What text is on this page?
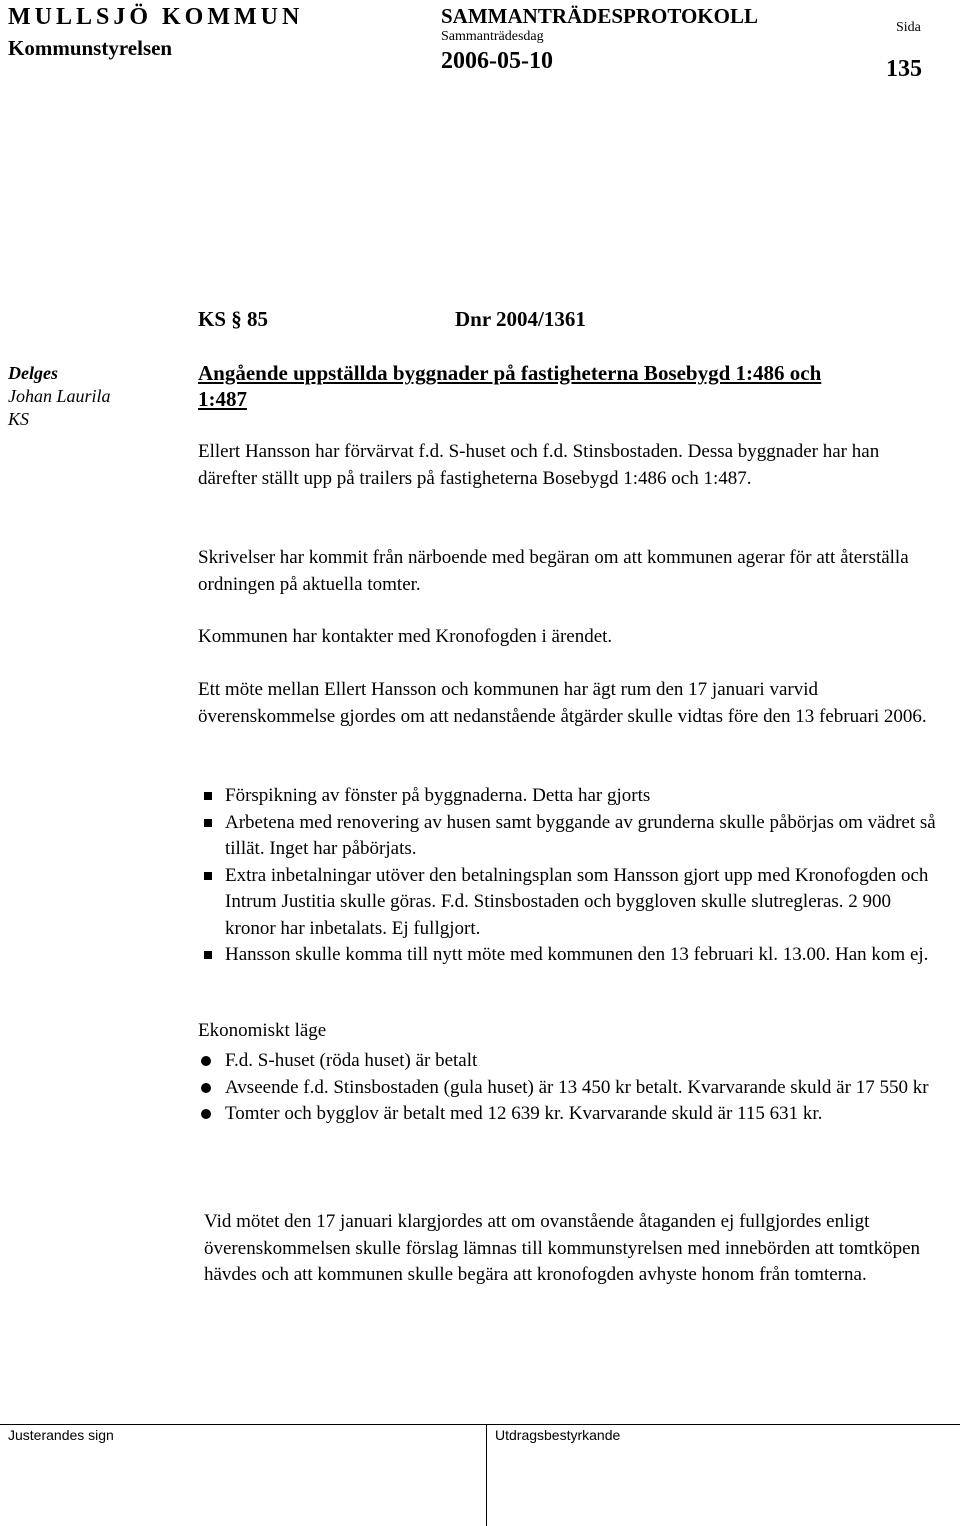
MULLSJÖ KOMMUN
Kommunstyrelsen
SAMMANTRÄDESPROTOKOLL
Sammanträdesdag
2006-05-10
Sida
135
KS § 85	Dnr 2004/1361
Delges
Johan Laurila
KS
Angående uppställda byggnader på fastigheterna Bosebygd 1:486 och
1:487
Ellert Hansson har förvärvat f.d. S-huset och f.d. Stinsbostaden. Dessa byggnader har han därefter ställt upp på trailers på fastigheterna Bosebygd 1:486 och 1:487.
Skrivelser har kommit från närboende med begäran om att kommunen agerar för att återställa ordningen på aktuella tomter.
Kommunen har kontakter med Kronofogden i ärendet.
Ett möte mellan Ellert Hansson och kommunen har ägt rum den 17 januari varvid överenskommelse gjordes om att nedanstående åtgärder skulle vidtas före den 13 februari 2006.
Förspikning av fönster på byggnaderna. Detta har gjorts
Arbetena med renovering av husen samt byggande av grunderna skulle påbörjas om vädret så tillät. Inget har påbörjats.
Extra inbetalningar utöver den betalningsplan som Hansson gjort upp med Kronofogden och Intrum Justitia skulle göras. F.d. Stinsbostaden och byggloven skulle slutregleras. 2 900 kronor har inbetalats. Ej fullgjort.
Hansson skulle komma till nytt möte med kommunen den 13 februari kl. 13.00. Han kom ej.
Ekonomiskt läge
F.d. S-huset (röda huset) är betalt
Avseende f.d. Stinsbostaden (gula huset) är 13 450 kr betalt. Kvarvarande skuld är 17 550 kr
Tomter och bygglov är betalt med 12 639 kr. Kvarvarande skuld är 115 631 kr.
Vid mötet den 17 januari klargjordes att om ovanstående åtaganden ej fullgjordes enligt överenskommelsen skulle förslag lämnas till kommunstyrelsen med innebörden att tomtköpen hävdes och att kommunen skulle begära att kronofogden avhyste honom från tomterna.
Justerandes sign	Utdragsbestyrkande
